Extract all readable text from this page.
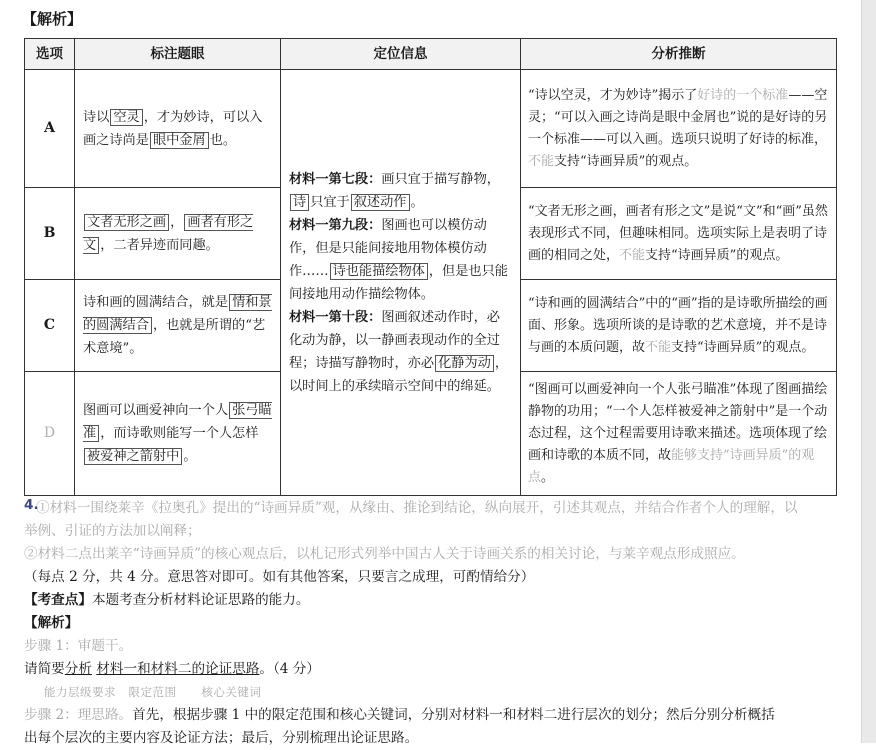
【解析】
选项	标注题眼	定位信息	分析推断
A	诗以 空灵 ，才为妙诗，可以入画之诗尚是 眼中金屑 也。	材料一第七段：画只宜于描写静物，诗 只宜于 叙述动作 。
材料一第九段：图画也可以模仿动作，但是只能间接地用物体模仿动作…… 诗也能描绘物体 ，但是也只能间接地用动作描绘物体。
材料一第十段：图画叙述动作时，必化动为静，以一静画表现动作的全过程；诗描写静物时，亦必 化静为动 ，以时间上的承续暗示空间中的绵延。	“诗以空灵，才为妙诗”揭示了好诗的一个标准——空灵；“可以入画之诗尚是眼中金屑也”说的是好诗的另一个标准——可以入画。选项只说明了好诗的标准，不能支持“诗画异质”的观点。
B	文者无形之画 ， 画者有形之文 ，二者异迹而同趣。		“文者无形之画，画者有形之文”是说“文”和“画”虽然表现形式不同，但趣味相同。选项实际上是表明了诗画的相同之处，不能支持“诗画异质”的观点。
C	诗和画的圆满结合，就是 情和景的圆满结合 ，也就是所谓的“艺术意境”。		“诗和画的圆满结合”中的“画”指的是诗歌所描绘的画面、形象。选项所谈的是诗歌的艺术意境，并不是诗与画的本质问题，故不能支持“诗画异质”的观点。
D	图画可以画爱神向一个人 张弓瞄准 ，而诗歌则能写一个人怎样被爱神之箭射中 。		“图画可以画爱神向一个人张弓瞄准”体现了图画描绘静物的功用；“一个人怎样被爱神之箭射中”是一个动态过程，这个过程需要用诗歌来描述。选项体现了绘画和诗歌的本质不同，故能够支持“诗画异质”的观点。
4.
①材料一围绕莱辛《拉奥孔》提出的“诗画异质”观，从缘由、推论到结论，纵向展开，引述其观点，并结合作者个人的理解，以
举例、引证的方法加以阐释；
②材料二点出莱辛“诗画异质”的核心观点后，以札记形式列举中国古人关于诗画关系的相关讨论，与莱辛观点形成照应。
（每点 2 分，共 4 分。意思答对即可。如有其他答案，只要言之成理，可酌情给分）
【考查点】本题考查分析材料论证思路的能力。
【解析】
步骤 1：审题干。
请简要分析 材料一和材料二的论证思路。（4 分）
能力层级要求 限定范围 核心关键词
步骤 2：理思路。首先，根据步骤 1 中的限定范围和核心关键词，分别对材料一和材料二进行层次的划分；然后分别分析概括
出每个层次的主要内容及论证方法；最后，分别梳理出论证思路。
